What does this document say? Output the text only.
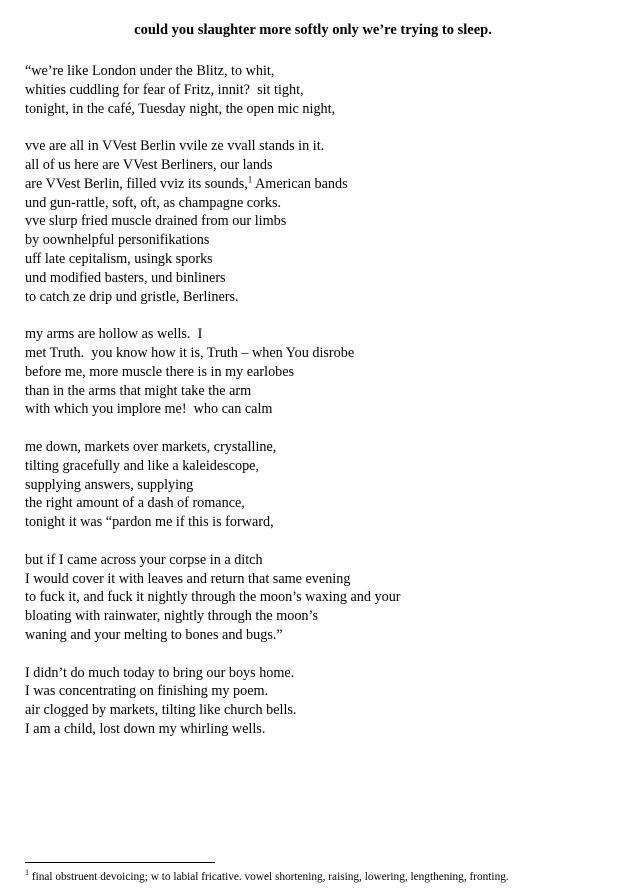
could you slaughter more softly only we’re trying to sleep.
“we’re like London under the Blitz, to whit,
whities cuddling for fear of Fritz, innit?  sit tight,
tonight, in the café, Tuesday night, the open mic night,
vve are all in VVest Berlin vvile ze vvall stands in it.
all of us here are VVest Berliners, our lands
are VVest Berlin, filled vviz its sounds,$^1$ American bands
und gun-rattle, soft, oft, as champagne corks.
vve slurp fried muscle drained from our limbs
by oownhelpful personifikations
uff late cepitalism, usingk sporks
und modified basters, und binliners
to catch ze drip und gristle, Berliners.
my arms are hollow as wells.  I
met Truth.  you know how it is, Truth – when You disrobe
before me, more muscle there is in my earlobes
than in the arms that might take the arm
with which you implore me!  who can calm
me down, markets over markets, crystalline,
tilting gracefully and like a kaleidescope,
supplying answers, supplying
the right amount of a dash of romance,
tonight it was “pardon me if this is forward,
but if I came across your corpse in a ditch
I would cover it with leaves and return that same evening
to fuck it, and fuck it nightly through the moon’s waxing and your
bloating with rainwater, nightly through the moon’s
waning and your melting to bones and bugs.”
I didn’t do much today to bring our boys home.
I was concentrating on finishing my poem.
air clogged by markets, tilting like church bells.
I am a child, lost down my whirling wells.
$^1$ final obstruent devoicing; w to labial fricative. vowel shortening, raising, lowering, lengthening, fronting.
